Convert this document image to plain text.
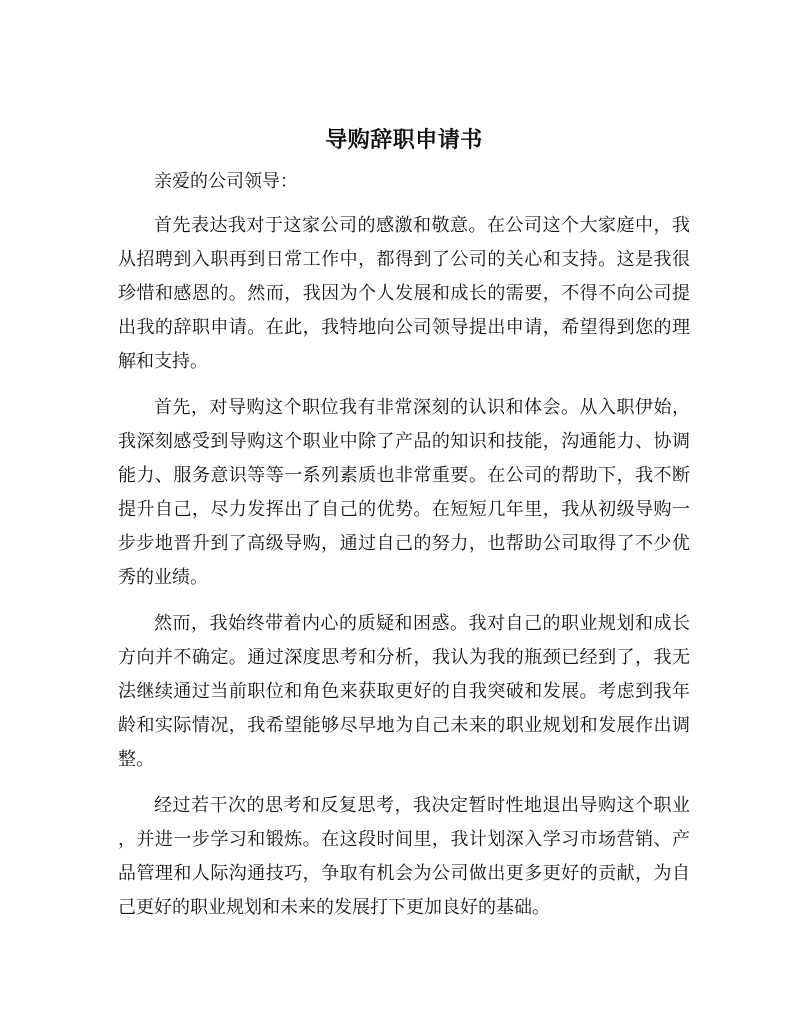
导购辞职申请书
亲爱的公司领导：

首先表达我对于这家公司的感激和敬意。在公司这个大家庭中，我从招聘到入职再到日常工作中，都得到了公司的关心和支持。这是我很珍惜和感恩的。然而，我因为个人发展和成长的需要，不得不向公司提出我的辞职申请。在此，我特地向公司领导提出申请，希望得到您的理解和支持。

首先，对导购这个职位我有非常深刻的认识和体会。从入职伊始，我深刻感受到导购这个职业中除了产品的知识和技能，沟通能力、协调能力、服务意识等等一系列素质也非常重要。在公司的帮助下，我不断提升自己，尽力发挥出了自己的优势。在短短几年里，我从初级导购一步步地晋升到了高级导购，通过自己的努力，也帮助公司取得了不少优秀的业绩。

然而，我始终带着内心的质疑和困惑。我对自己的职业规划和成长方向并不确定。通过深度思考和分析，我认为我的瓶颈已经到了，我无法继续通过当前职位和角色来获取更好的自我突破和发展。考虑到我年龄和实际情况，我希望能够尽早地为自己未来的职业规划和发展作出调整。

经过若干次的思考和反复思考，我决定暂时性地退出导购这个职业，并进一步学习和锻炼。在这段时间里，我计划深入学习市场营销、产品管理和人际沟通技巧，争取有机会为公司做出更多更好的贡献，为自己更好的职业规划和未来的发展打下更加良好的基础。
